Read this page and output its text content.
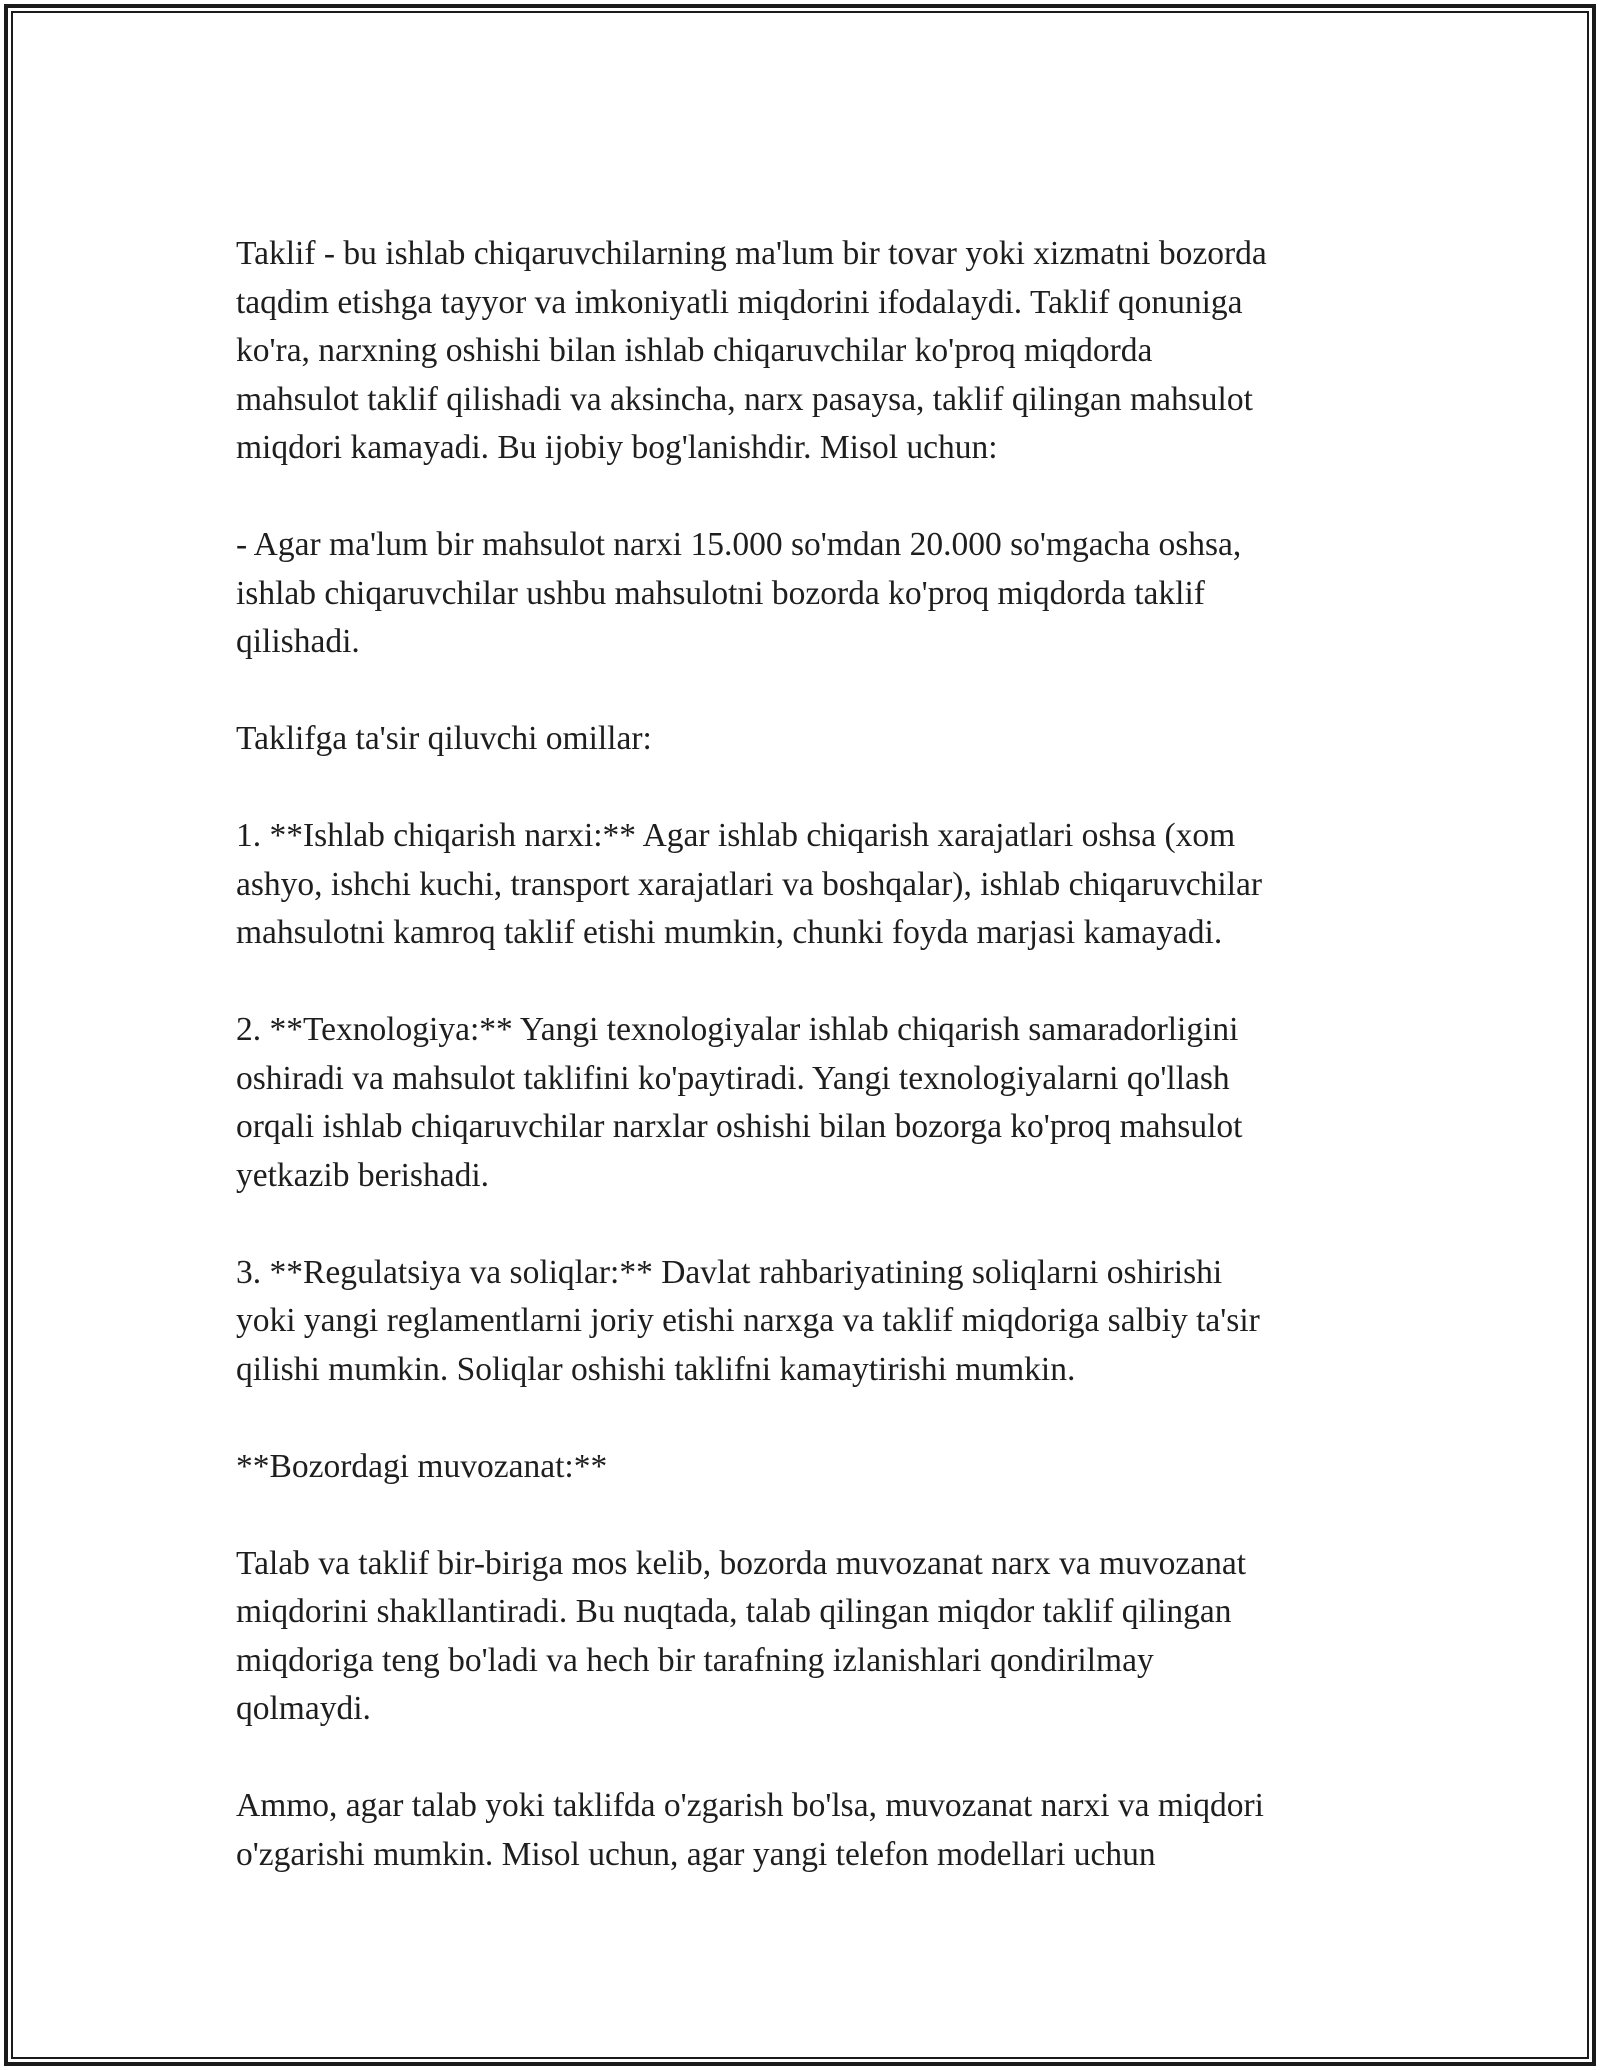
Taklif - bu ishlab chiqaruvchilarning ma'lum bir tovar yoki xizmatni bozorda
taqdim etishga tayyor va imkoniyatli miqdorini ifodalaydi. Taklif qonuniga
ko'ra, narxning oshishi bilan ishlab chiqaruvchilar ko'proq miqdorda
mahsulot taklif qilishadi va aksincha, narx pasaysa, taklif qilingan mahsulot
miqdori kamayadi. Bu ijobiy bog'lanishdir. Misol uchun:

- Agar ma'lum bir mahsulot narxi 15.000 so'mdan 20.000 so'mgacha oshsa,
ishlab chiqaruvchilar ushbu mahsulotni bozorda ko'proq miqdorda taklif
qilishadi.

Taklifga ta'sir qiluvchi omillar:

1. **Ishlab chiqarish narxi:** Agar ishlab chiqarish xarajatlari oshsa (xom
ashyo, ishchi kuchi, transport xarajatlari va boshqalar), ishlab chiqaruvchilar
mahsulotni kamroq taklif etishi mumkin, chunki foyda marjasi kamayadi.

2. **Texnologiya:** Yangi texnologiyalar ishlab chiqarish samaradorligini
oshiradi va mahsulot taklifini ko'paytiradi. Yangi texnologiyalarni qo'llash
orqali ishlab chiqaruvchilar narxlar oshishi bilan bozorga ko'proq mahsulot
yetkazib berishadi.

3. **Regulatsiya va soliqlar:** Davlat rahbariyatining soliqlarni oshirishi
yoki yangi reglamentlarni joriy etishi narxga va taklif miqdoriga salbiy ta'sir
qilishi mumkin. Soliqlar oshishi taklifni kamaytirishi mumkin.

**Bozordagi muvozanat:**

Talab va taklif bir-biriga mos kelib, bozorda muvozanat narx va muvozanat
miqdorini shakllantiradi. Bu nuqtada, talab qilingan miqdor taklif qilingan
miqdoriga teng bo'ladi va hech bir tarafning izlanishlari qondirilmay
qolmaydi.

Ammo, agar talab yoki taklifda o'zgarish bo'lsa, muvozanat narxi va miqdori
o'zgarishi mumkin. Misol uchun, agar yangi telefon modellari uchun
